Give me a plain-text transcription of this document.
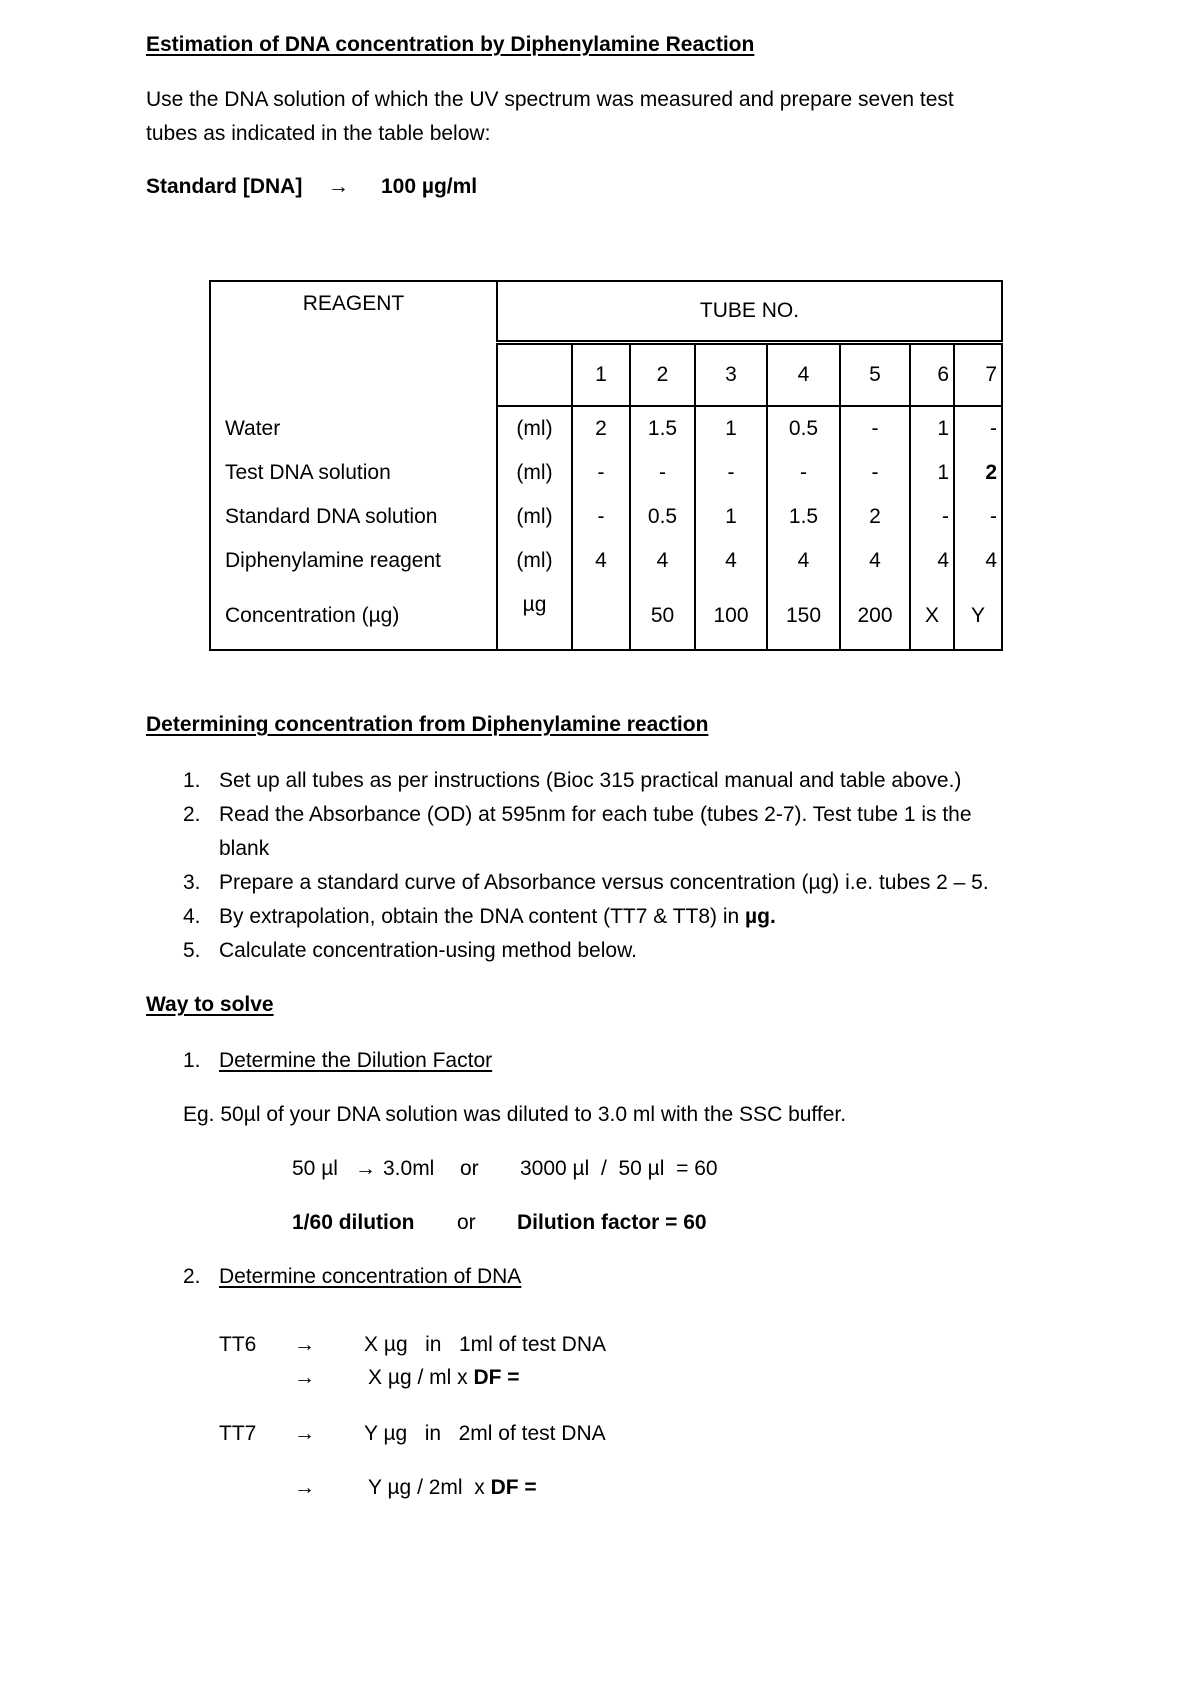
Estimation of DNA concentration by Diphenylamine Reaction
Use the DNA solution of which the UV spectrum was measured and prepare seven test
tubes as indicated in the table below:
Standard [DNA] → 100 µg/ml
REAGENT	TUBE NO.							
		1	2	3	4	5	6	7
Water	(ml)	2	1.5	1	0.5	-	1	-
Test DNA solution	(ml)	-	-	-	-	-	1	2
Standard DNA solution	(ml)	-	0.5	1	1.5	2	-	-
Diphenylamine reagent	(ml)	4	4	4	4	4	4	4
Concentration (µg)	µg		50	100	150	200	X	Y
Determining concentration from Diphenylamine reaction
1. Set up all tubes as per instructions (Bioc 315 practical manual and table above.)
2. Read the Absorbance (OD) at 595nm for each tube (tubes 2-7). Test tube 1 is the
blank
3. Prepare a standard curve of Absorbance versus concentration (µg) i.e. tubes 2 – 5.
4. By extrapolation, obtain the DNA content (TT7 & TT8) in µg.
5. Calculate concentration-using method below.
Way to solve
1. Determine the Dilution Factor
Eg. 50µl of your DNA solution was diluted to 3.0 ml with the SSC buffer.
50 µl → 3.0ml or 3000 µl  /  50 µl  = 60
1/60 dilution or Dilution factor = 60
2. Determine concentration of DNA
TT6 → X µg   in   1ml of test DNA
→	X µg / ml x DF =
TT7 → Y µg   in   2ml of test DNA
→	Y µg / 2ml  x DF =
